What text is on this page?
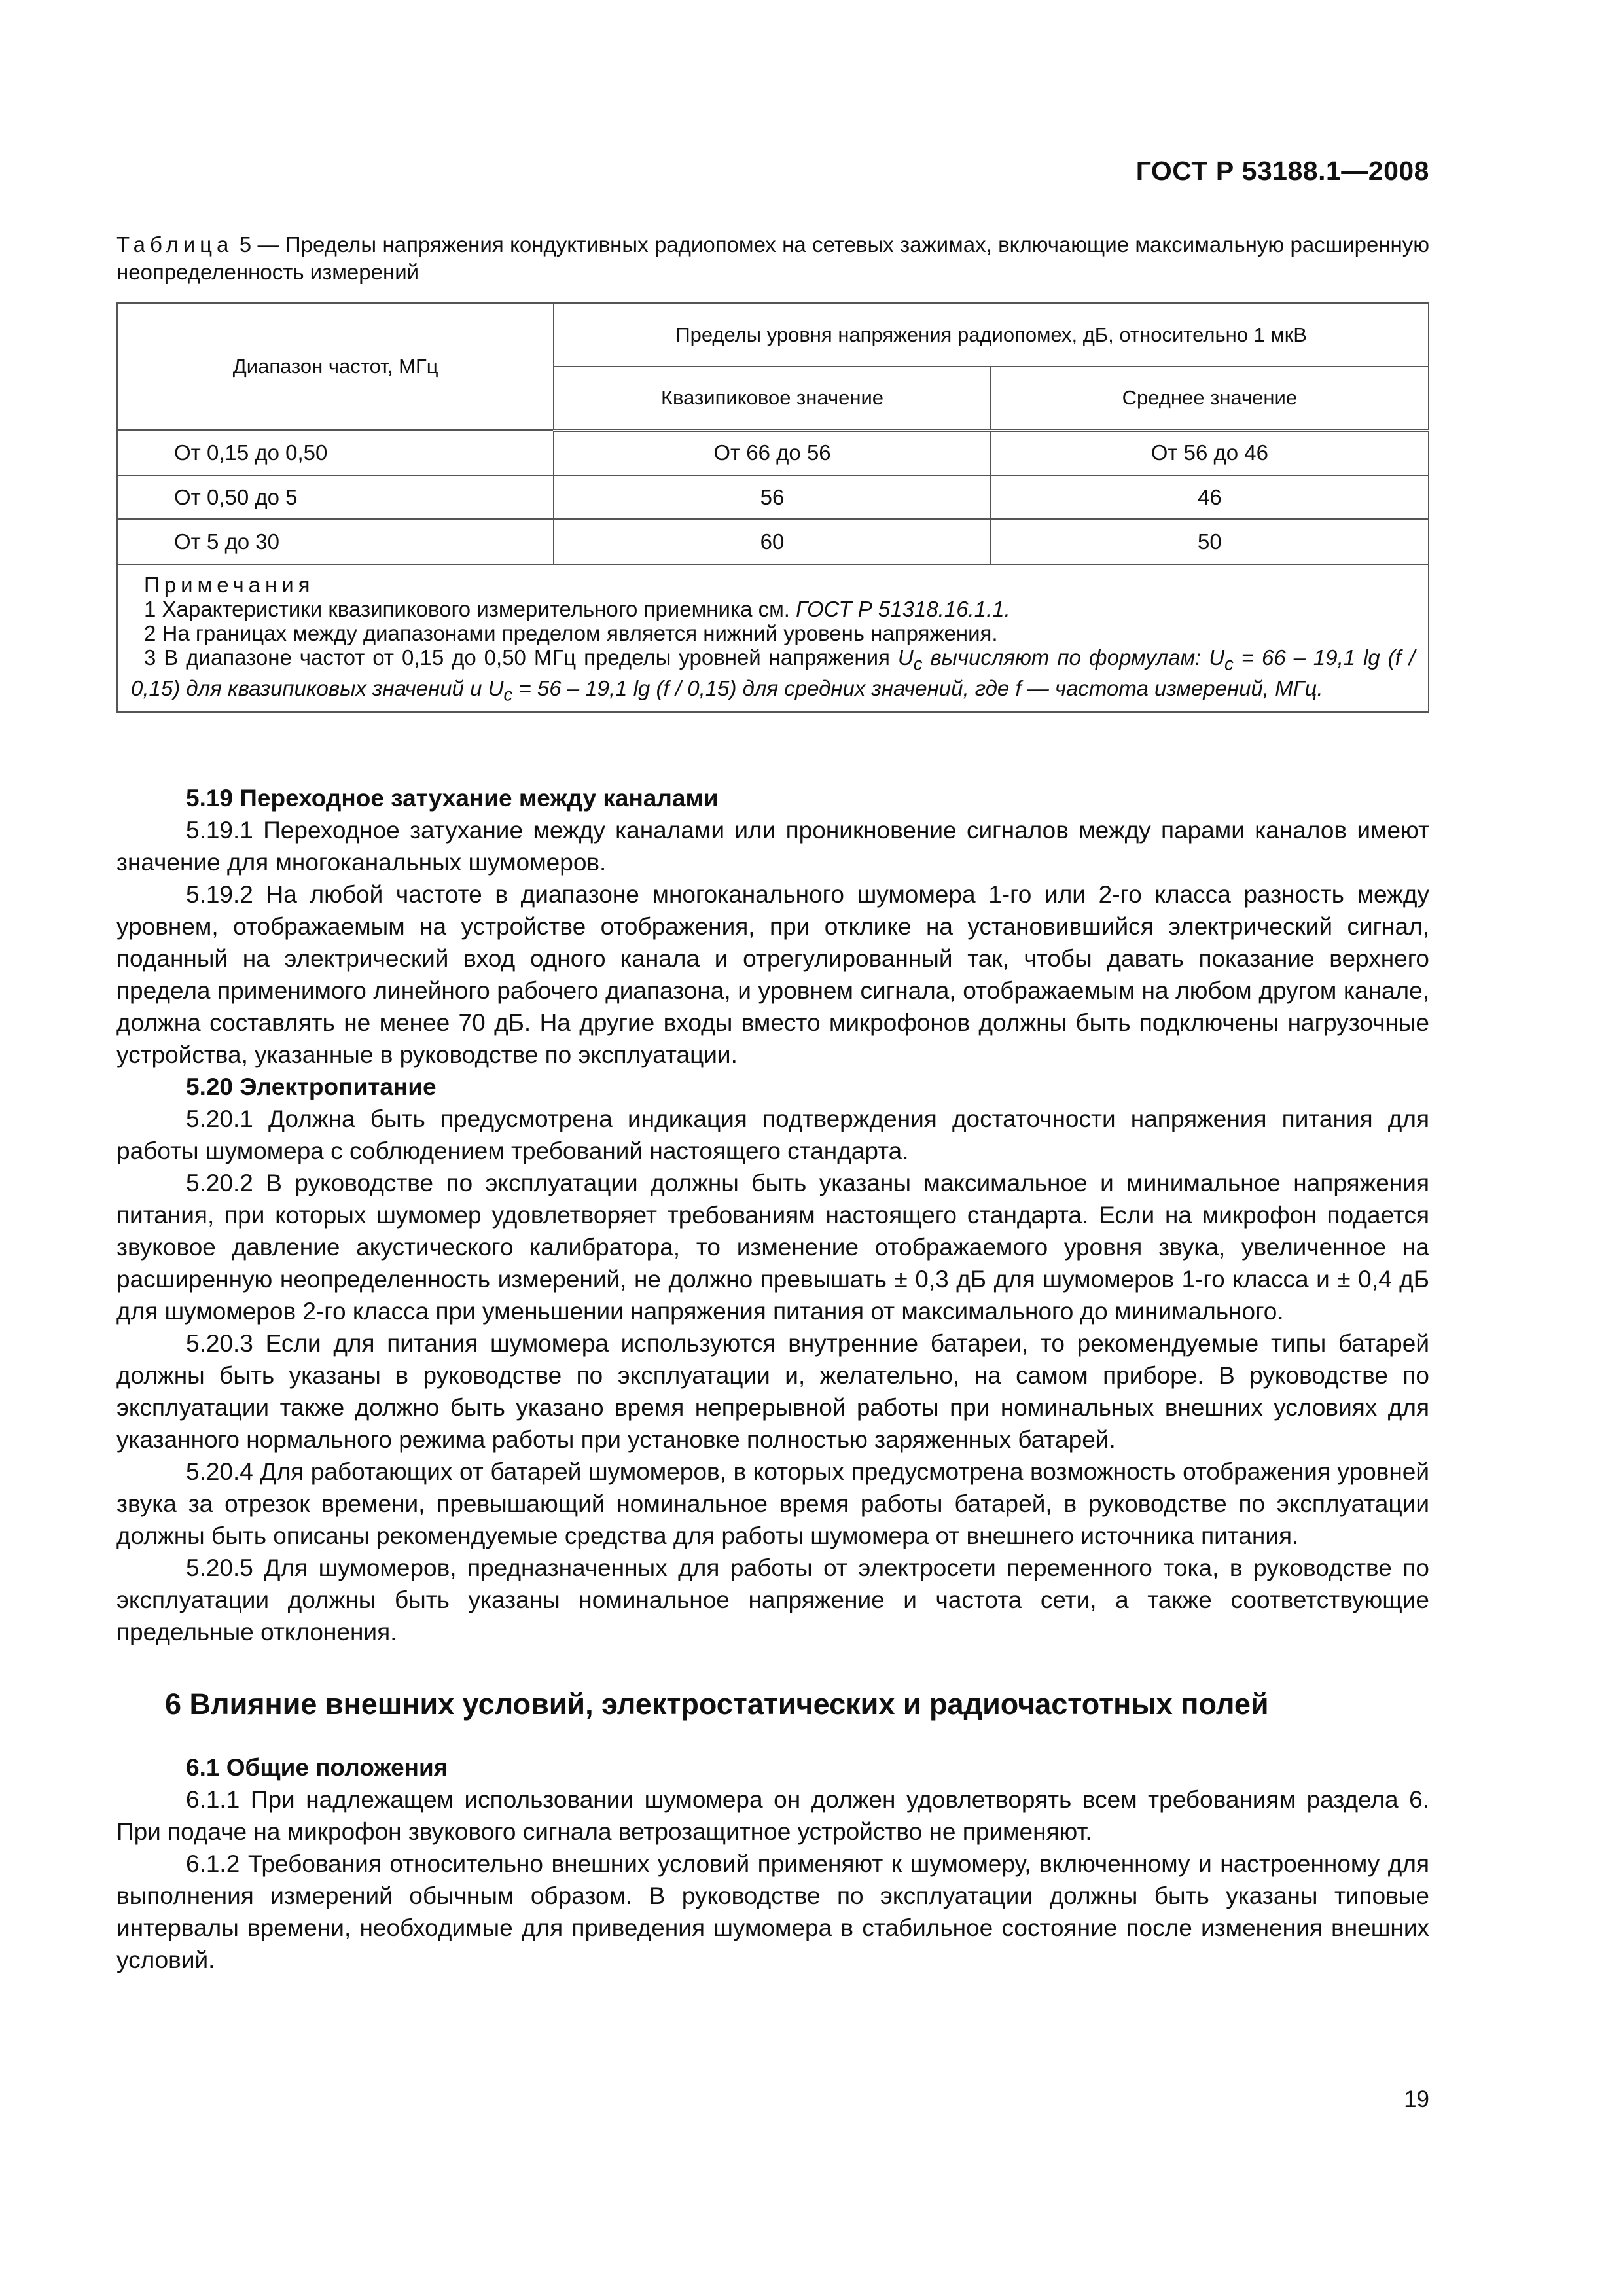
ГОСТ Р 53188.1—2008
Таблица 5 — Пределы напряжения кондуктивных радиопомех на сетевых зажимах, включающие максимальную расширенную неопределенность измерений
Диапазон частот, МГц	Пределы уровня напряжения радиопомех, дБ, относительно 1 мкВ	
	Квазипиковое значение	Среднее значение
От 0,15 до 0,50	От 66 до 56	От 56 до 46
От 0,50 до 5	56	46
От 5 до 30	60	50

Примечания
1 Характеристики квазипикового измерительного приемника см. ГОСТ Р 51318.16.1.1.
2 На границах между диапазонами пределом является нижний уровень напряжения.
3 В диапазоне частот от 0,15 до 0,50 МГц пределы уровней напряжения $U_c$ вычисляют по формулам: $U_c = 66 - 19,1$ lg (f / 0,15) для квазипиковых значений и $U_c = 56 - 19,1$ lg (f / 0,15) для средних значений, где f — частота измерений, МГц.		
5.19 Переходное затухание между каналами

5.19.1 Переходное затухание между каналами или проникновение сигналов между парами каналов имеют значение для многоканальных шумомеров.

5.19.2 На любой частоте в диапазоне многоканального шумомера 1-го или 2-го класса разность между уровнем, отображаемым на устройстве отображения, при отклике на установившийся электрический сигнал, поданный на электрический вход одного канала и отрегулированный так, чтобы давать показание верхнего предела применимого линейного рабочего диапазона, и уровнем сигнала, отображаемым на любом другом канале, должна составлять не менее 70 дБ. На другие входы вместо микрофонов должны быть подключены нагрузочные устройства, указанные в руководстве по эксплуатации.

5.20 Электропитание

5.20.1 Должна быть предусмотрена индикация подтверждения достаточности напряжения питания для работы шумомера с соблюдением требований настоящего стандарта.

5.20.2 В руководстве по эксплуатации должны быть указаны максимальное и минимальное напряжения питания, при которых шумомер удовлетворяет требованиям настоящего стандарта. Если на микрофон подается звуковое давление акустического калибратора, то изменение отображаемого уровня звука, увеличенное на расширенную неопределенность измерений, не должно превышать ± 0,3 дБ для шумомеров 1-го класса и ± 0,4 дБ для шумомеров 2-го класса при уменьшении напряжения питания от максимального до минимального.

5.20.3 Если для питания шумомера используются внутренние батареи, то рекомендуемые типы батарей должны быть указаны в руководстве по эксплуатации и, желательно, на самом приборе. В руководстве по эксплуатации также должно быть указано время непрерывной работы при номинальных внешних условиях для указанного нормального режима работы при установке полностью заряженных батарей.

5.20.4 Для работающих от батарей шумомеров, в которых предусмотрена возможность отображения уровней звука за отрезок времени, превышающий номинальное время работы батарей, в руководстве по эксплуатации должны быть описаны рекомендуемые средства для работы шумомера от внешнего источника питания.

5.20.5 Для шумомеров, предназначенных для работы от электросети переменного тока, в руководстве по эксплуатации должны быть указаны номинальное напряжение и частота сети, а также соответствующие предельные отклонения.

6 Влияние внешних условий, электростатических и радиочастотных полей
6.1 Общие положения

6.1.1 При надлежащем использовании шумомера он должен удовлетворять всем требованиям раздела 6. При подаче на микрофон звукового сигнала ветрозащитное устройство не применяют.

6.1.2 Требования относительно внешних условий применяют к шумомеру, включенному и настроенному для выполнения измерений обычным образом. В руководстве по эксплуатации должны быть указаны типовые интервалы времени, необходимые для приведения шумомера в стабильное состояние после изменения внешних условий.

19
